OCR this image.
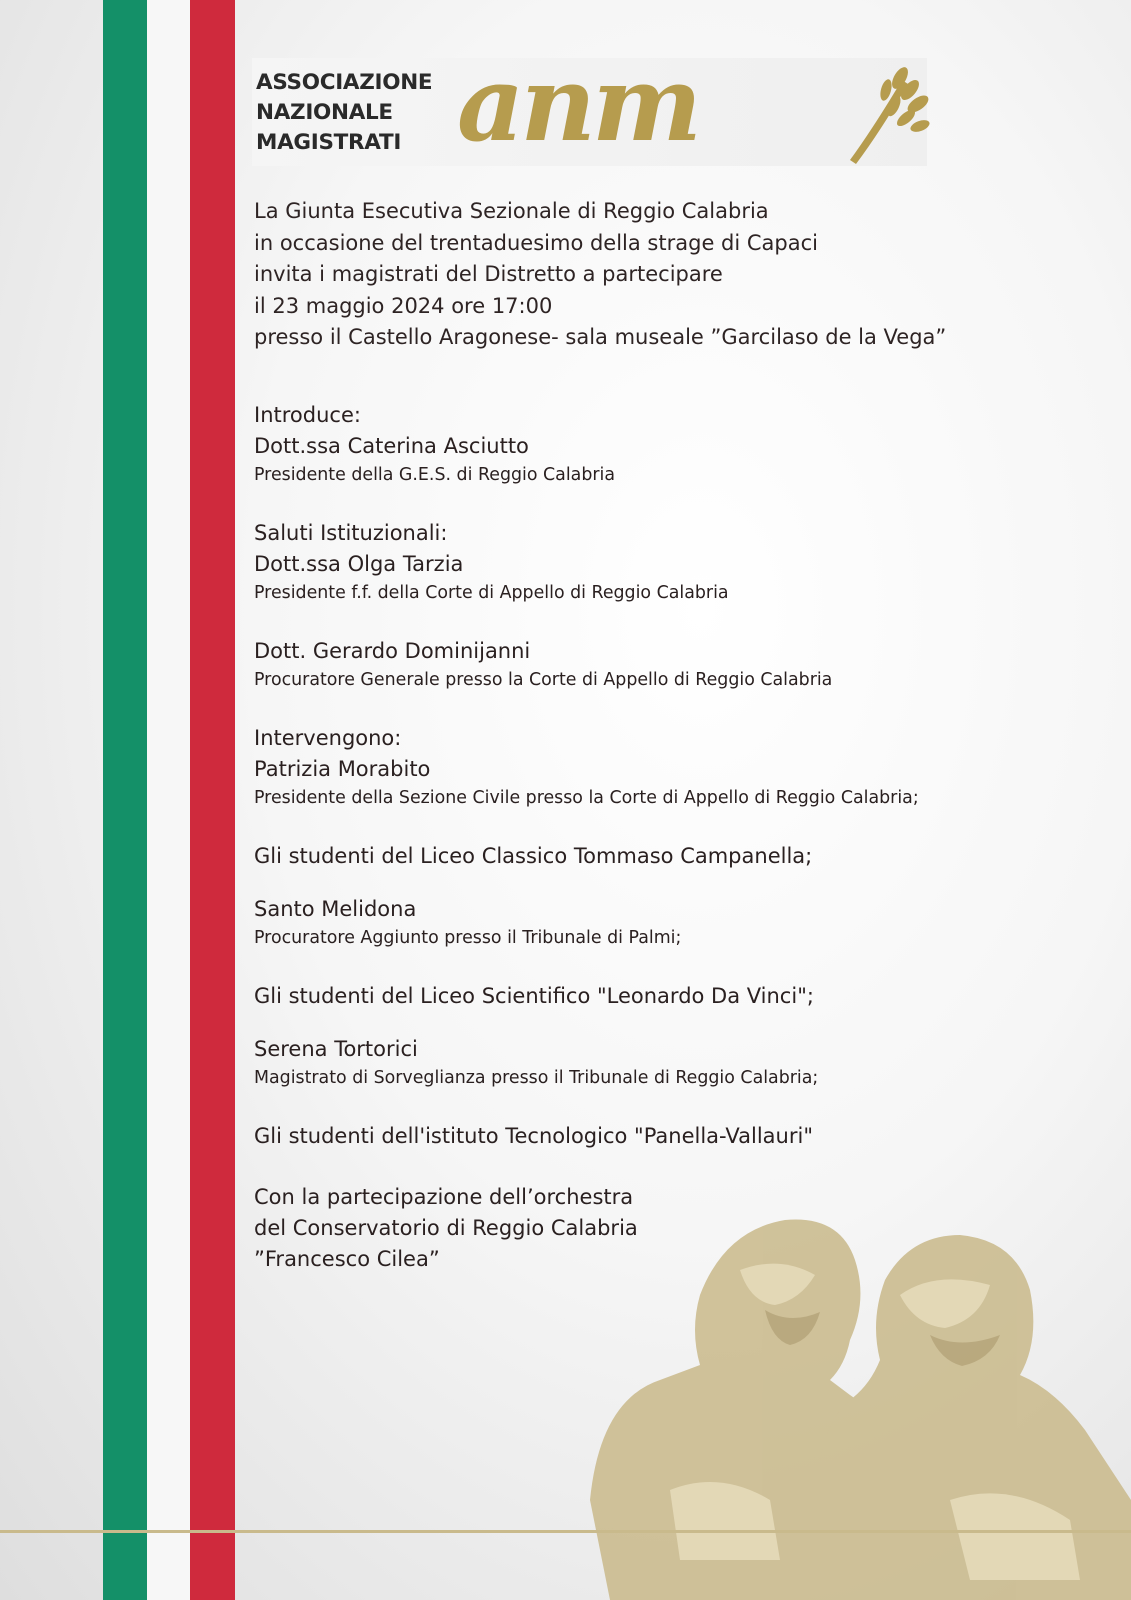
ASSOCIAZIONE
NAZIONALE
MAGISTRATI anm

La Giunta Esecutiva Sezionale di Reggio Calabria

in occasione del trentaduesimo della strage di Capaci

invita i magistrati del Distretto a partecipare

il 23 maggio 2024 ore 17:00

presso il Castello Aragonese- sala museale ”Garcilaso de la Vega”

Introduce:

Dott.ssa Caterina Asciutto

Presidente della G.E.S. di Reggio Calabria

Saluti Istituzionali:

Dott.ssa Olga Tarzia

Presidente f.f. della Corte di Appello di Reggio Calabria

Dott. Gerardo Dominijanni

Procuratore Generale presso la Corte di Appello di Reggio Calabria

Intervengono:

Patrizia Morabito

Presidente della Sezione Civile presso la Corte di Appello di Reggio Calabria;

Gli studenti del Liceo Classico Tommaso Campanella;

Santo Melidona

Procuratore Aggiunto presso il Tribunale di Palmi;

Gli studenti del Liceo Scientifico "Leonardo Da Vinci";

Serena Tortorici

Magistrato di Sorveglianza presso il Tribunale di Reggio Calabria;

Gli studenti dell'istituto Tecnologico "Panella-Vallauri"

Con la partecipazione dell’orchestra

del Conservatorio di Reggio Calabria

”Francesco Cilea”
